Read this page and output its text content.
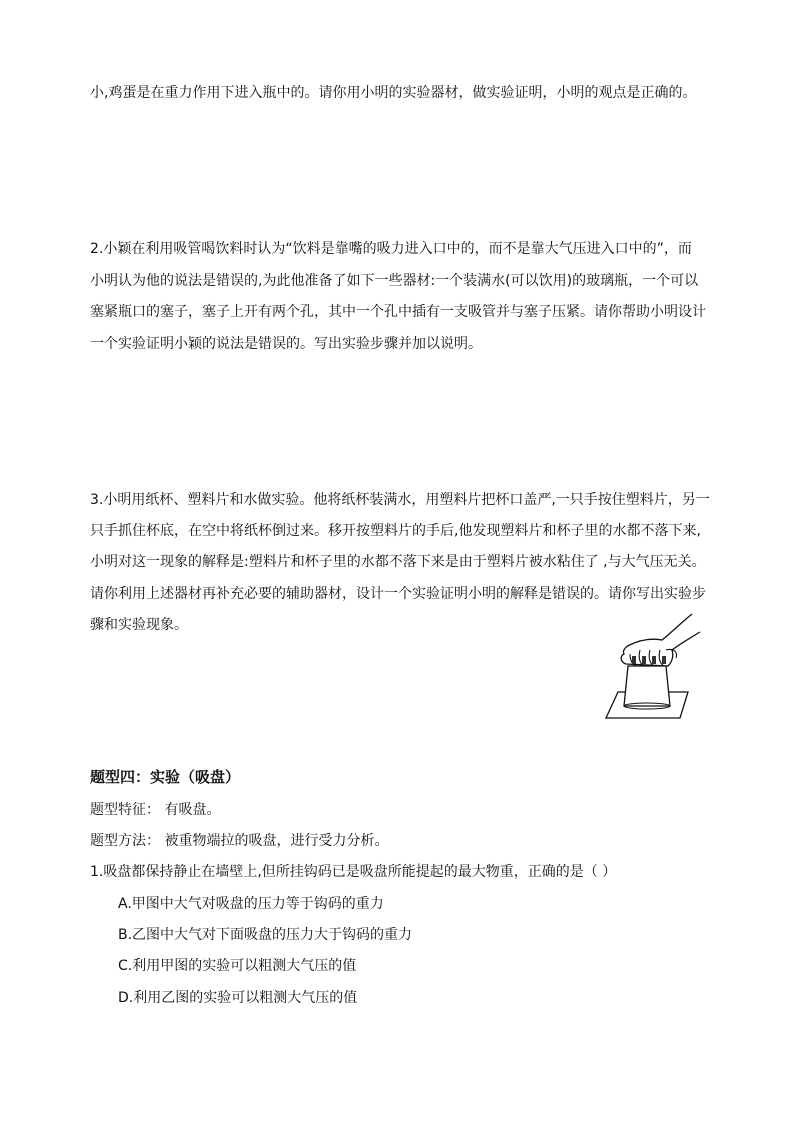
小,鸡蛋是在重力作用下进入瓶中的。请你用小明的实验器材，做实验证明，小明的观点是正确的。

2.小颖在利用吸管喝饮料时认为“饮料是靠嘴的吸力进入口中的，而不是靠大气压进入口中的”，而

小明认为他的说法是错误的,为此他准备了如下一些器材:一个装满水(可以饮用)的玻璃瓶，一个可以

塞紧瓶口的塞子，塞子上开有两个孔，其中一个孔中插有一支吸管并与塞子压紧。请你帮助小明设计

一个实验证明小颖的说法是错误的。写出实验步骤并加以说明。

3.小明用纸杯、塑料片和水做实验。他将纸杯装满水，用塑料片把杯口盖严,一只手按住塑料片，另一

只手抓住杯底，在空中将纸杯倒过来。移开按塑料片的手后,他发现塑料片和杯子里的水都不落下来,

小明对这一现象的解释是:塑料片和杯子里的水都不落下来是由于塑料片被水粘住了 ,与大气压无关。

请你利用上述器材再补充必要的辅助器材，设计一个实验证明小明的解释是错误的。请你写出实验步

骤和实验现象。

题型四：实验（吸盘）

题型特征： 有吸盘。

题型方法： 被重物端拉的吸盘，进行受力分析。

1.吸盘都保持静止在墙壁上,但所挂钩码已是吸盘所能提起的最大物重，正确的是（ ）

A.甲图中大气对吸盘的压力等于钩码的重力

B.乙图中大气对下面吸盘的压力大于钩码的重力

C.利用甲图的实验可以粗测大气压的值

D.利用乙图的实验可以粗测大气压的值
